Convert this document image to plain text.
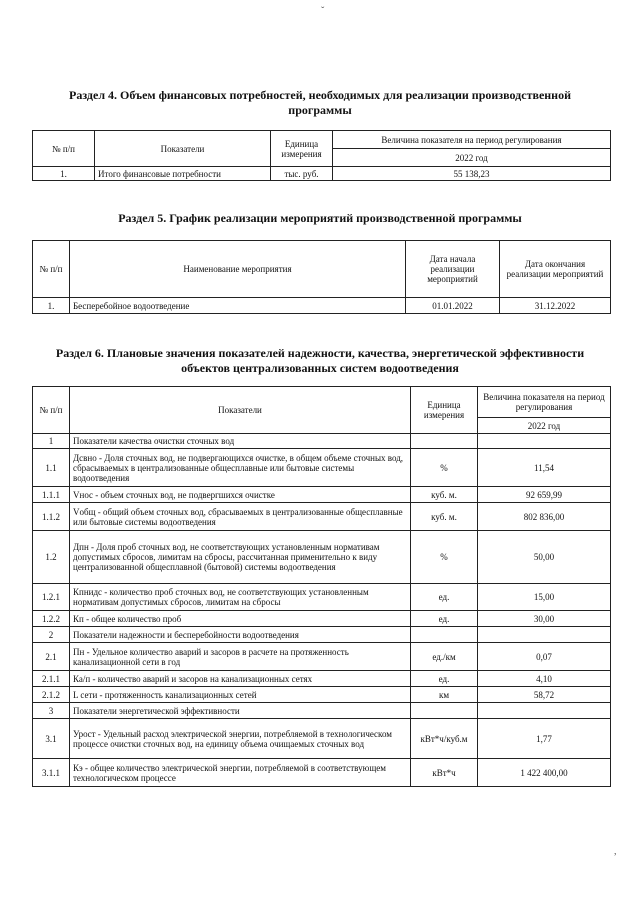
Раздел 4. Объем финансовых потребностей, необходимых для реализации производственной программы
№ п/п	Показатели	Единица измерения	Величина показателя на период регулирования
			2022 год
1.	Итого финансовые потребности	тыс. руб.	55 138,23
Раздел 5. График реализации мероприятий производственной программы
№ п/п	Наименование мероприятия	Дата начала реализации мероприятий	Дата окончания реализации мероприятий
1.	Бесперебойное водоотведение	01.01.2022	31.12.2022
Раздел 6. Плановые значения показателей надежности, качества, энергетической эффективности объектов централизованных систем водоотведения
№ п/п	Показатели	Единица измерения	Величина показателя на период регулирования
			2022 год
1	Показатели качества очистки сточных вод		
1.1	Дсвно - Доля сточных вод, не подвергающихся очистке, в общем объеме сточных вод, сбрасываемых в централизованные общесплавные или бытовые системы водоотведения	%	11,54
1.1.1	Vнос - объем сточных вод, не подвергшихся очистке	куб. м.	92 659,99
1.1.2	Vобщ - общий объем сточных вод, сбрасываемых в централизованные общесплавные или бытовые системы водоотведения	куб. м.	802 836,00
1.2	Дпн - Доля проб сточных вод, не соответствующих установленным нормативам допустимых сбросов, лимитам на сбросы, рассчитанная применительно к виду централизованной общесплавной (бытовой) системы водоотведения	%	50,00
1.2.1	Кпнидс - количество проб сточных вод, не соответствующих установленным нормативам допустимых сбросов, лимитам на сбросы	ед.	15,00
1.2.2	Кп - общее количество проб	ед.	30,00
2	Показатели надежности и бесперебойности водоотведения		
2.1	Пн - Удельное количество аварий и засоров в расчете на протяженность канализационной сети в год	ед./км	0,07
2.1.1	Ка/п - количество аварий и засоров на канализационных сетях	ед.	4,10
2.1.2	L сети - протяженность канализационных сетей	км	58,72
3	Показатели энергетической эффективности		
3.1	Уроcт - Удельный расход электрической энергии, потребляемой в технологическом процессе очистки сточных вод, на единицу объема очищаемых сточных вод	кВт*ч/куб.м	1,77
3.1.1	Кэ - общее количество электрической энергии, потребляемой в соответствующем технологическом процессе	кВт*ч	1 422 400,00
ˇ
,
